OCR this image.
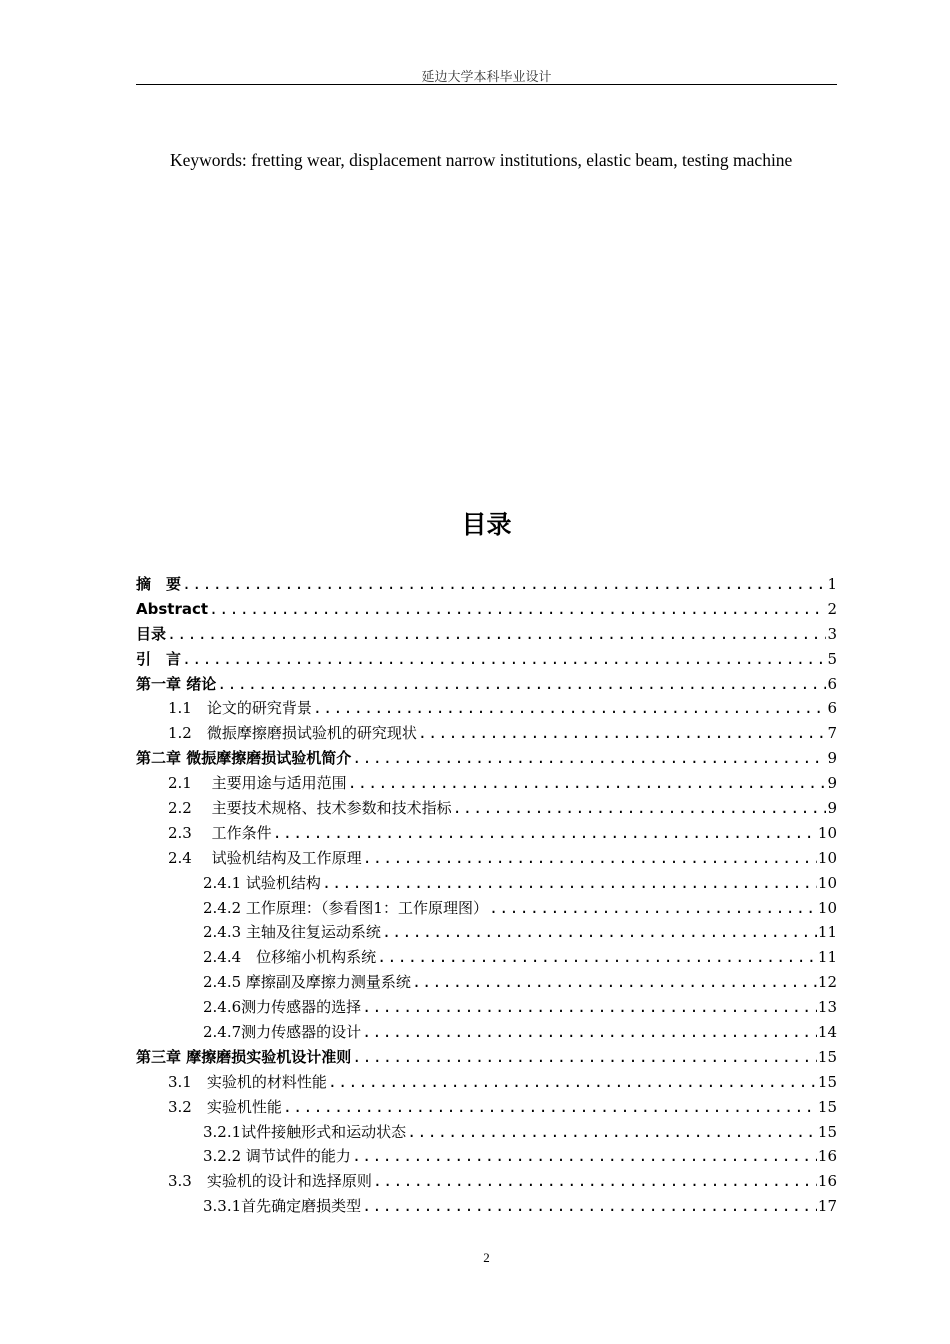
延边大学本科毕业设计
Keywords: fretting wear, displacement narrow institutions, elastic beam, testing machine
目录
摘　要 .....	1
Abstract .....	2
目录 .....	3
引　言 .....	5
第一章 绪论 .....	6
1.1　论文的研究背景 .....	6
1.2　微振摩擦磨损试验机的研究现状 .....	7
第二章 微振摩擦磨损试验机简介 .....	9
2.1　 主要用途与适用范围 .....	9
2.2　 主要技术规格、技术参数和技术指标 .....	9
2.3　 工作条件 .....	10
2.4　 试验机结构及工作原理 .....	10
2.4.1 试验机结构 .....	10
2.4.2 工作原理：（参看图1：工作原理图） .....	10
2.4.3 主轴及往复运动系统 .....	11
2.4.4　位移缩小机构系统 .....	11
2.4.5 摩擦副及摩擦力测量系统 .....	12
2.4.6测力传感器的选择 .....	13
2.4.7测力传感器的设计 .....	14
第三章 摩擦磨损实验机设计准则 .....	15
3.1　实验机的材料性能 .....	15
3.2　实验机性能 .....	15
3.2.1试件接触形式和运动状态 .....	15
3.2.2 调节试件的能力 .....	16
3.3　实验机的设计和选择原则 .....	16
3.3.1首先确定磨损类型 .....	17
2
